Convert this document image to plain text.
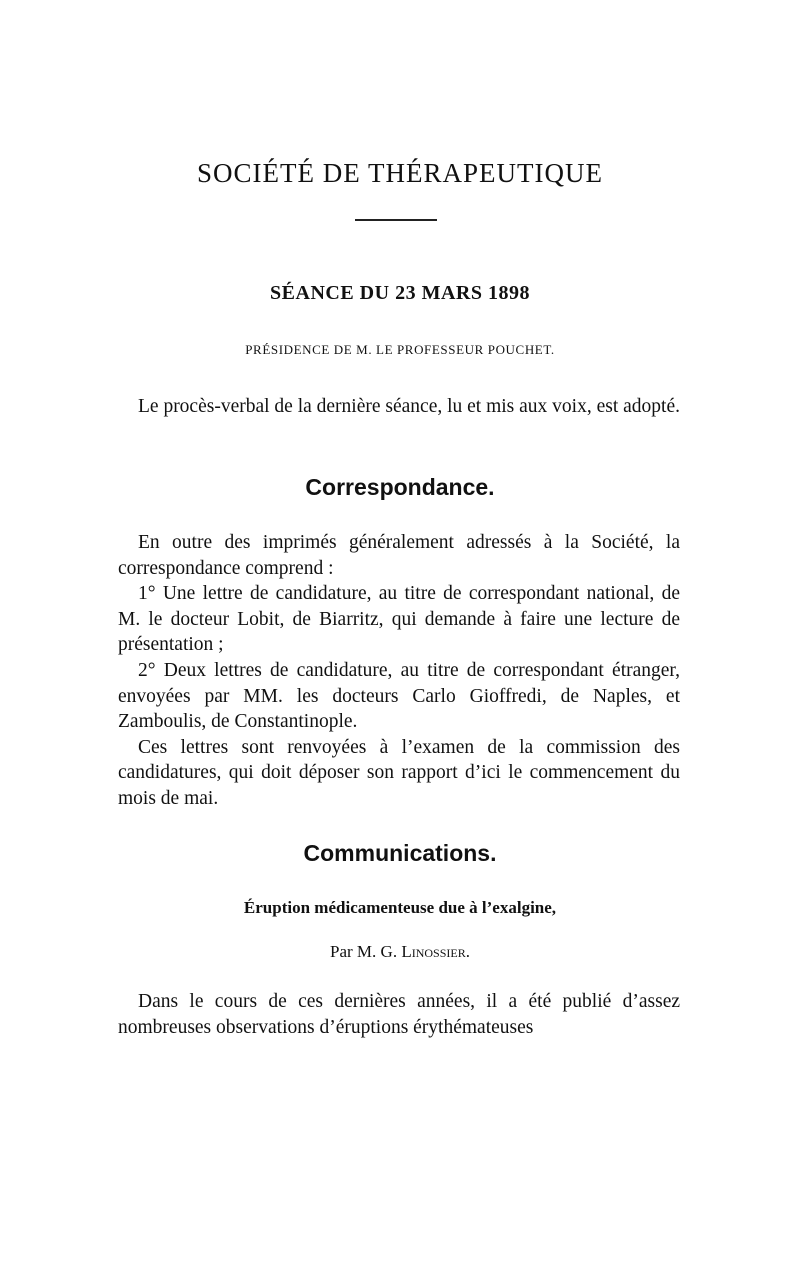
SOCIÉTÉ DE THÉRAPEUTIQUE
SÉANCE DU 23 MARS 1898
PRÉSIDENCE DE M. LE PROFESSEUR POUCHET.

Le procès-verbal de la dernière séance, lu et mis aux voix, est adopté.

Correspondance.

En outre des imprimés généralement adressés à la Société, la correspondance comprend :

1° Une lettre de candidature, au titre de correspondant national, de M. le docteur Lobit, de Biarritz, qui demande à faire une lecture de présentation ;

2° Deux lettres de candidature, au titre de correspondant étranger, envoyées par MM. les docteurs Carlo Gioffredi, de Naples, et Zamboulis, de Constantinople.

Ces lettres sont renvoyées à l’examen de la commission des candidatures, qui doit déposer son rapport d’ici le commencement du mois de mai.

Communications.
Éruption médicamenteuse due à l’exalgine,
Par M. G. Linossier.

Dans le cours de ces dernières années, il a été publié d’assez nombreuses observations d’éruptions érythémateuses
